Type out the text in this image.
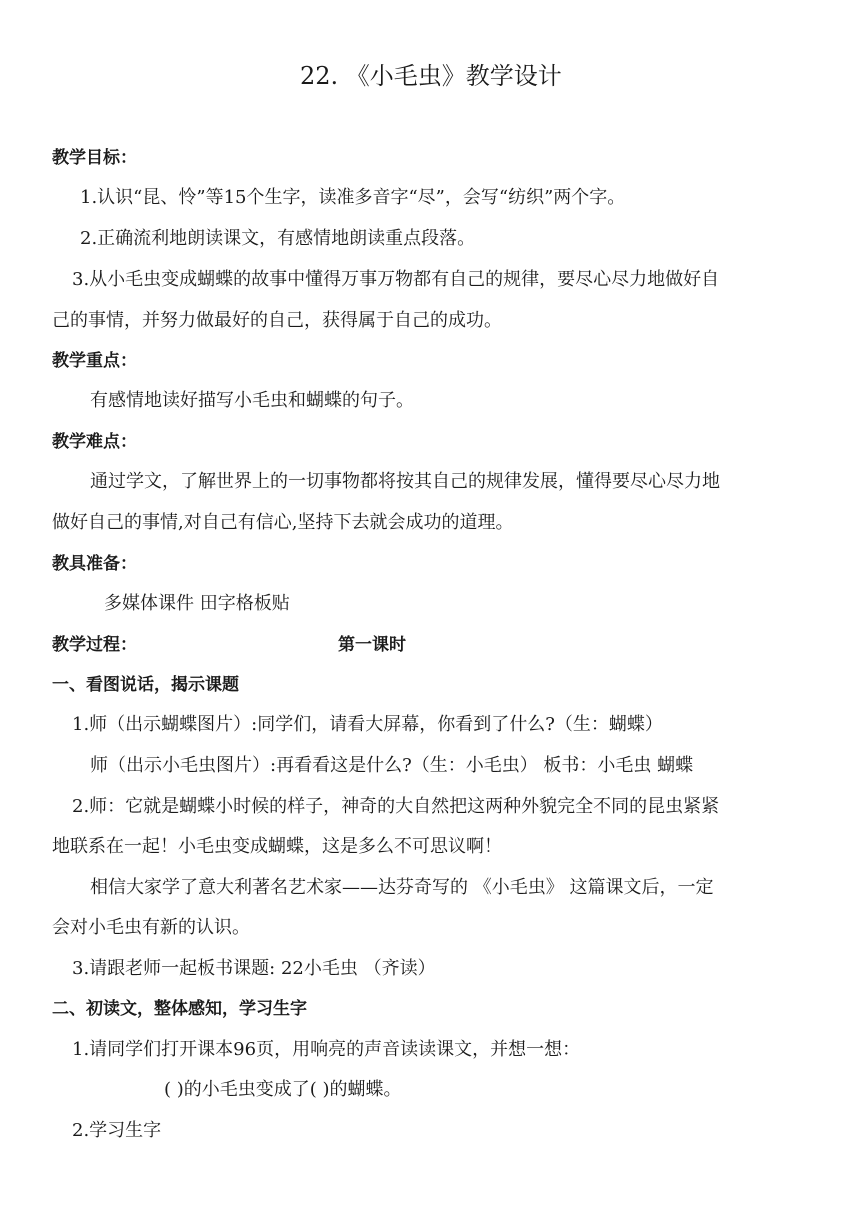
22. 《小毛虫》教学设计
教学目标：
1.认识“昆、怜”等15个生字，读准多音字“尽”，会写“纺织”两个字。
2.正确流利地朗读课文，有感情地朗读重点段落。
3.从小毛虫变成蝴蝶的故事中懂得万事万物都有自己的规律，要尽心尽力地做好自
己的事情，并努力做最好的自己，获得属于自己的成功。
教学重点：
有感情地读好描写小毛虫和蝴蝶的句子。
教学难点：
通过学文，了解世界上的一切事物都将按其自己的规律发展，懂得要尽心尽力地
做好自己的事情,对自己有信心,坚持下去就会成功的道理。
教具准备：
多媒体课件 田字格板贴
教学过程：	第一课时
一、看图说话，揭示课题
1.师（出示蝴蝶图片）:同学们，请看大屏幕，你看到了什么?（生：蝴蝶）
师（出示小毛虫图片）:再看看这是什么?（生：小毛虫） 板书：小毛虫 蝴蝶
2.师：它就是蝴蝶小时候的样子，神奇的大自然把这两种外貌完全不同的昆虫紧紧
地联系在一起！小毛虫变成蝴蝶，这是多么不可思议啊！
相信大家学了意大利著名艺术家——达芬奇写的 《小毛虫》 这篇课文后，一定
会对小毛虫有新的认识。
3.请跟老师一起板书课题: 22小毛虫 （齐读）
二、初读文，整体感知，学习生字
1.请同学们打开课本96页，用响亮的声音读读课文，并想一想：
( )的小毛虫变成了( )的蝴蝶。
2.学习生字
